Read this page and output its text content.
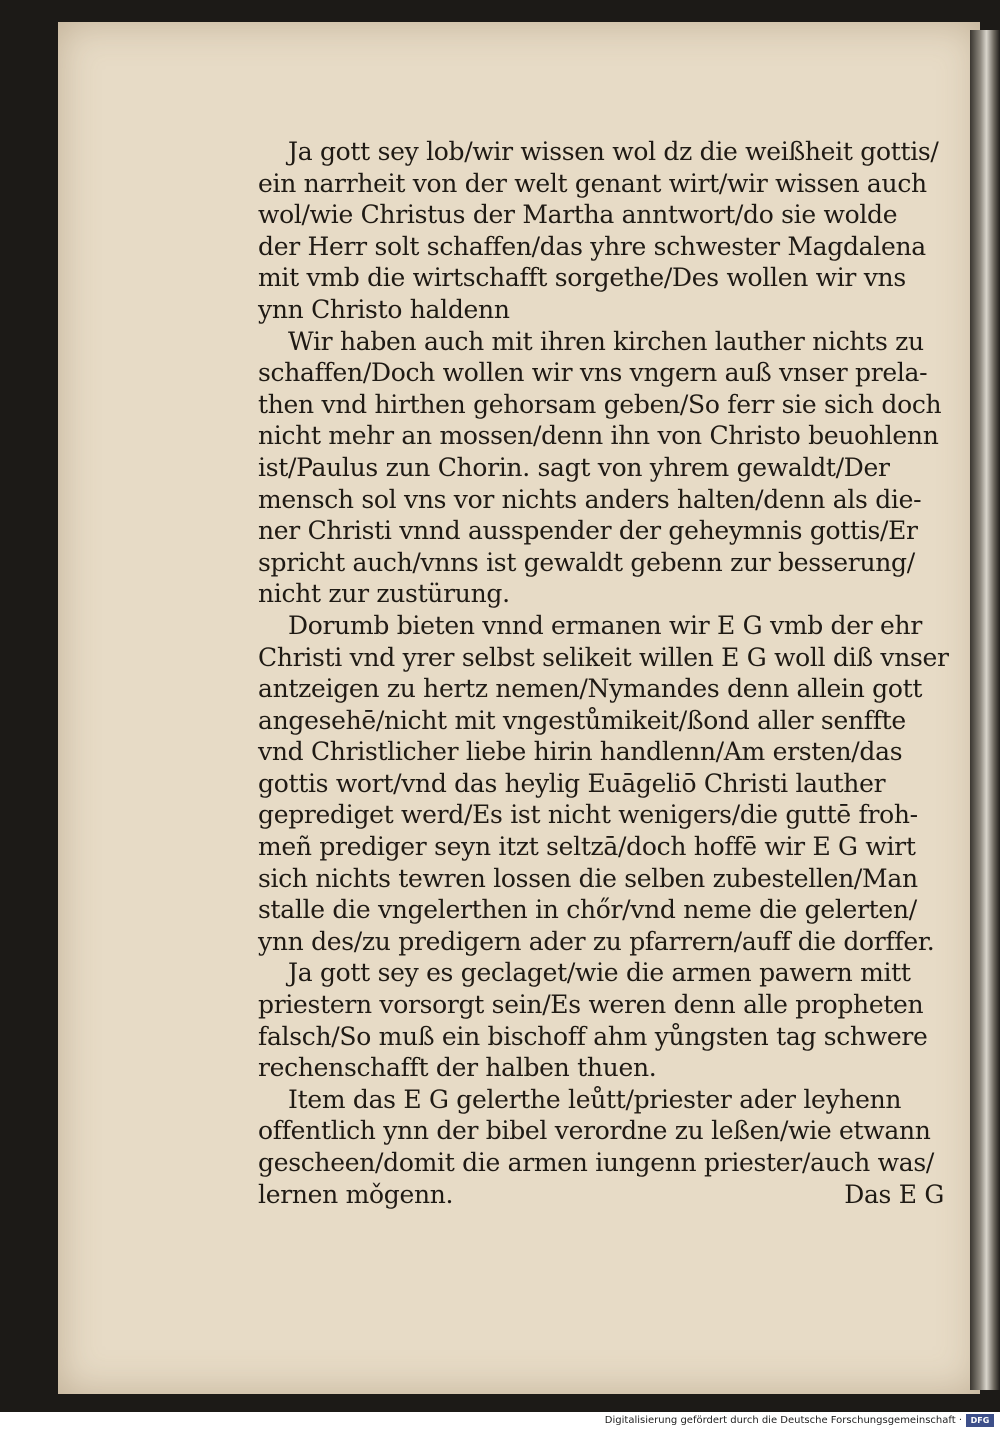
Ja gott sey lob/wir wissen wol dz die weißheit gottis/
ein narrheit von der welt genant wirt/wir wissen auch
wol/wie Christus der Martha anntwort/do sie wolde
der Herr solt schaffen/das yhre schwester Magdalena
mit vmb die wirtschafft sorgethe/Des wollen wir vns
ynn Christo haldenn
Wir haben auch mit ihren kirchen lauther nichts zu
schaffen/Doch wollen wir vns vngern auß vnser prela-
then vnd hirthen gehorsam geben/So ferr sie sich doch
nicht mehr an mossen/denn ihn von Christo beuohlenn
ist/Paulus zun Chorin. sagt von yhrem gewaldt/Der
mensch sol vns vor nichts anders halten/denn als die-
ner Christi vnnd ausspender der geheymnis gottis/Er
spricht auch/vnns ist gewaldt gebenn zur besserung/
nicht zur zustürung.
Dorumb bieten vnnd ermanen wir E G vmb der ehr
Christi vnd yrer selbst selikeit willen E G woll diß vnser
antzeigen zu hertz nemen/Nymandes denn allein gott
angesehē/nicht mit vngestůmikeit/ßond aller senffte
vnd Christlicher liebe hirin handlenn/Am ersten/das
gottis wort/vnd das heylig Euāgeliō Christi lauther
geprediget werd/Es ist nicht wenigers/die guttē froh-
meñ prediger seyn itzt seltzā/doch hoffē wir E G wirt
sich nichts tewren lossen die selben zubestellen/Man
stalle die vngelerthen in chőr/vnd neme die gelerten/
ynn des/zu predigern ader zu pfarrern/auff die dorffer.
Ja gott sey es geclaget/wie die armen pawern mitt
priestern vorsorgt sein/Es weren denn alle propheten
falsch/So muß ein bischoff ahm yůngsten tag schwere
rechenschafft der halben thuen.
Item das E G gelerthe leůtt/priester ader leyhenn
offentlich ynn der bibel verordne zu leßen/wie etwann
gescheen/domit die armen iungenn priester/auch was/
lernen mǒgenn.	Das E G
Digitalisierung gefördert durch die Deutsche Forschungsgemeinschaft ·	DFG
